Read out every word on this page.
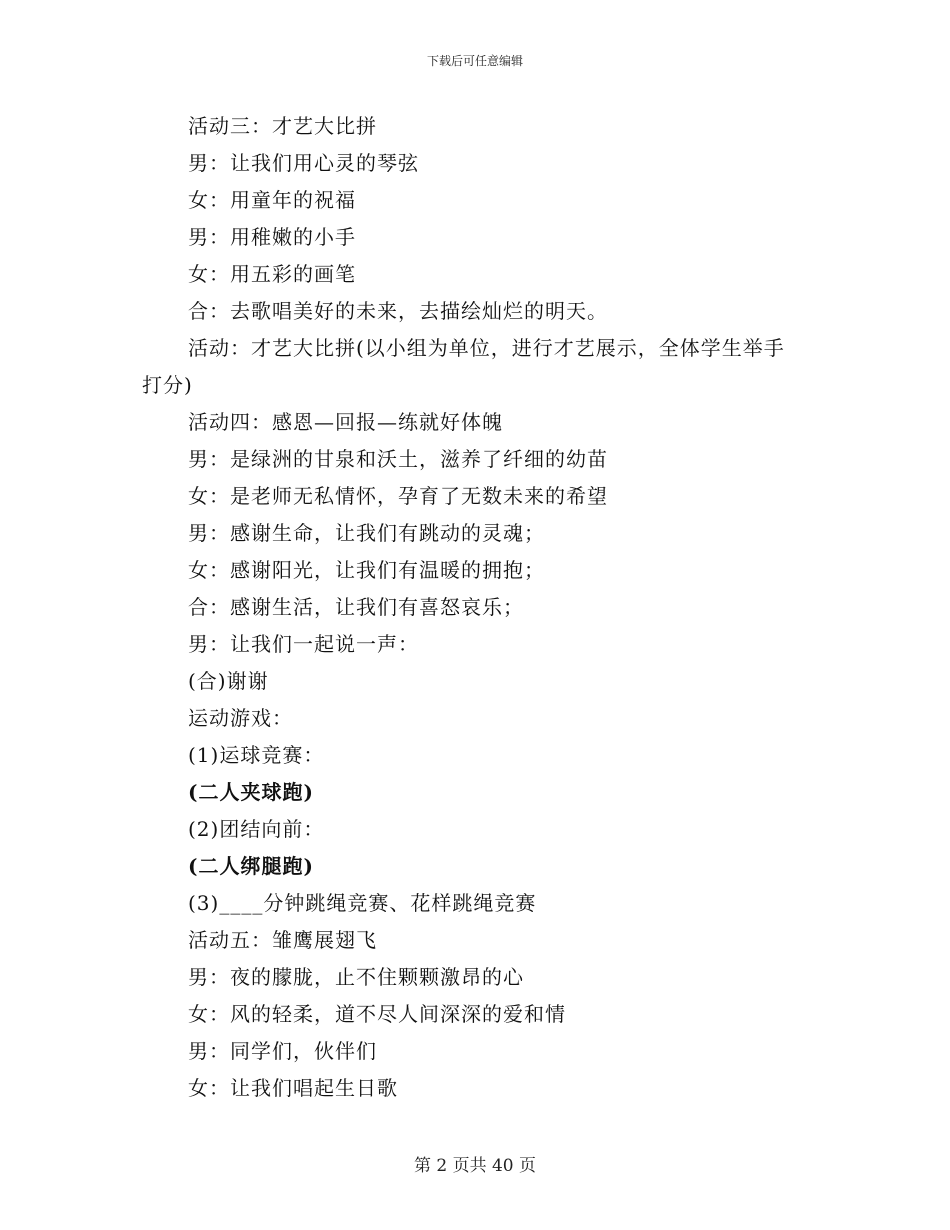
下载后可任意编辑
活动三：才艺大比拼
男：让我们用心灵的琴弦
女：用童年的祝福
男：用稚嫩的小手
女：用五彩的画笔
合：去歌唱美好的未来，去描绘灿烂的明天。
活动：才艺大比拼(以小组为单位，进行才艺展示，全体学生举手
打分)
活动四：感恩—回报—练就好体魄
男：是绿洲的甘泉和沃土，滋养了纤细的幼苗
女：是老师无私情怀，孕育了无数未来的希望
男：感谢生命，让我们有跳动的灵魂；
女：感谢阳光，让我们有温暖的拥抱；
合：感谢生活，让我们有喜怒哀乐；
男：让我们一起说一声：
(合)谢谢
运动游戏：
(1)运球竞赛：
(二人夹球跑)
(2)团结向前：
(二人绑腿跑)
(3)____分钟跳绳竞赛、花样跳绳竞赛
活动五：雏鹰展翅飞
男：夜的朦胧，止不住颗颗激昂的心
女：风的轻柔，道不尽人间深深的爱和情
男：同学们，伙伴们
女：让我们唱起生日歌
第 2 页共 40 页
